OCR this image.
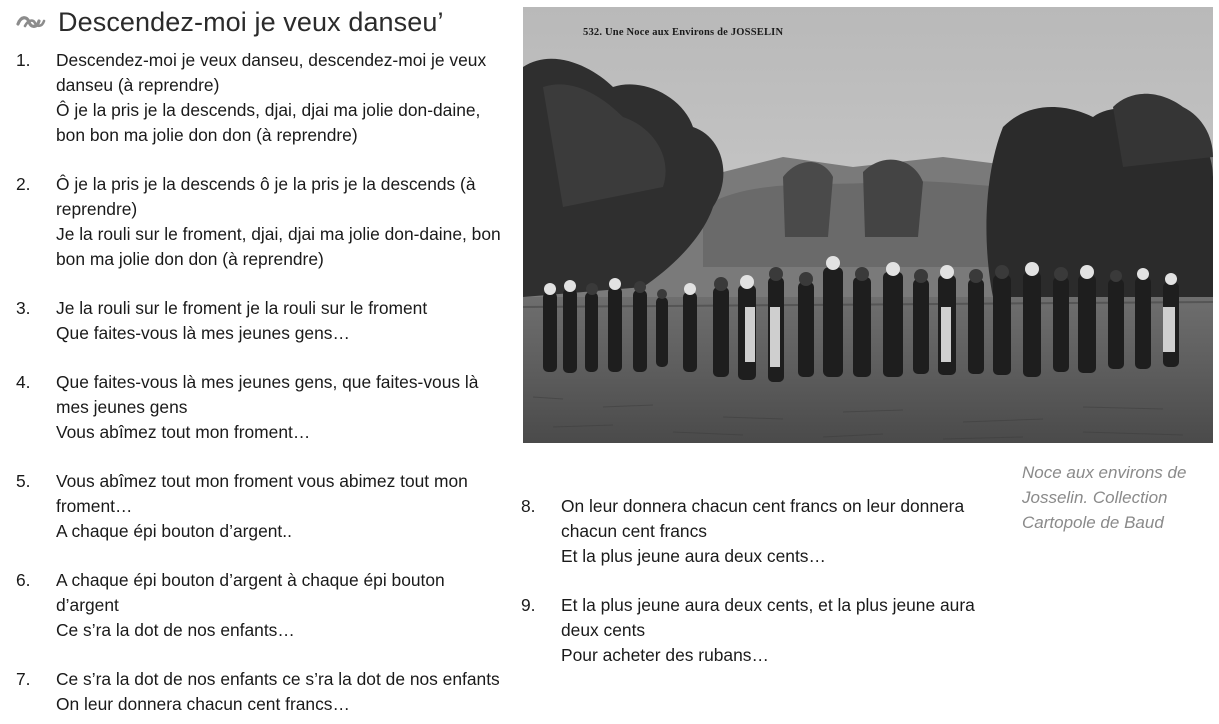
Descendez-moi je veux danseu’
1. Descendez-moi je veux danseu, descendez-moi je veux danseu (à reprendre)
Ô je la pris je la descends, djai, djai ma jolie don-daine, bon bon ma jolie don don (à reprendre)
2. Ô je la pris je la descends ô je la pris je la descends (à reprendre)
Je la rouli sur le froment, djai, djai ma jolie don-daine, bon bon ma jolie don don (à reprendre)
3. Je la rouli sur le froment je la rouli sur le froment
Que faites-vous là mes jeunes gens…
4. Que faites-vous là mes jeunes gens, que faites-vous là mes jeunes gens
Vous abîmez tout mon froment…
5. Vous abîmez tout mon froment vous abimez tout mon froment…
A chaque épi bouton d’argent..
6. A chaque épi bouton d’argent à chaque épi bouton d’argent
Ce s’ra la dot de nos enfants…
7. Ce s’ra la dot de nos enfants ce s’ra la dot de nos enfants
On leur donnera chacun cent francs…
532. Une Noce aux Environs de JOSSELIN
Noce aux environs de Josselin. Collection Cartopole de Baud
8. On leur donnera chacun cent francs on leur donnera chacun cent francs
Et la plus jeune aura deux cents…
9. Et la plus jeune aura deux cents, et la plus jeune aura deux cents
Pour acheter des rubans…
